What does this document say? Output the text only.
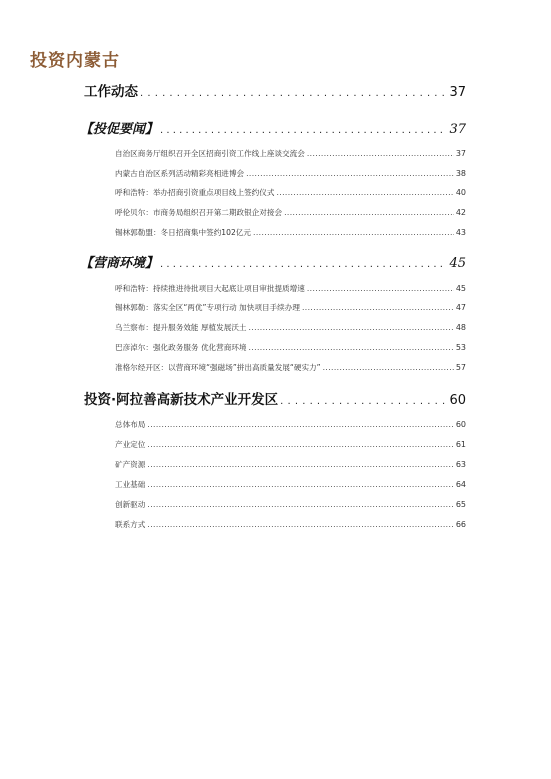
投资内蒙古
工作动态 . . .	37
【投促要闻】 . . .	37
自治区商务厅组织召开全区招商引资工作线上座谈交流会 .....	37
内蒙古自治区系列活动精彩亮相进博会 .....	38
呼和浩特：举办招商引资重点项目线上签约仪式 .....	40
呼伦贝尔：市商务局组织召开第二期政银企对接会 .....	42
锡林郭勒盟：冬日招商集中签约102亿元 .....	43
【营商环境】 . . .	45
呼和浩特：持续推进待批项目大起底让项目审批提质增速 .....	45
锡林郭勒：落实全区“两优”专项行动 加快项目手续办理 .....	47
乌兰察布：提升服务效能 厚植发展沃土 .....	48
巴彦淖尔：强化政务服务 优化营商环境 .....	53
准格尔经开区：以营商环境“强磁场”拼出高质量发展“硬实力” .....	57
投资·阿拉善高新技术产业开发区 . . .	60
总体布局 .....	60
产业定位 .....	61
矿产资源 .....	63
工业基础 .....	64
创新驱动 .....	65
联系方式 .....	66
